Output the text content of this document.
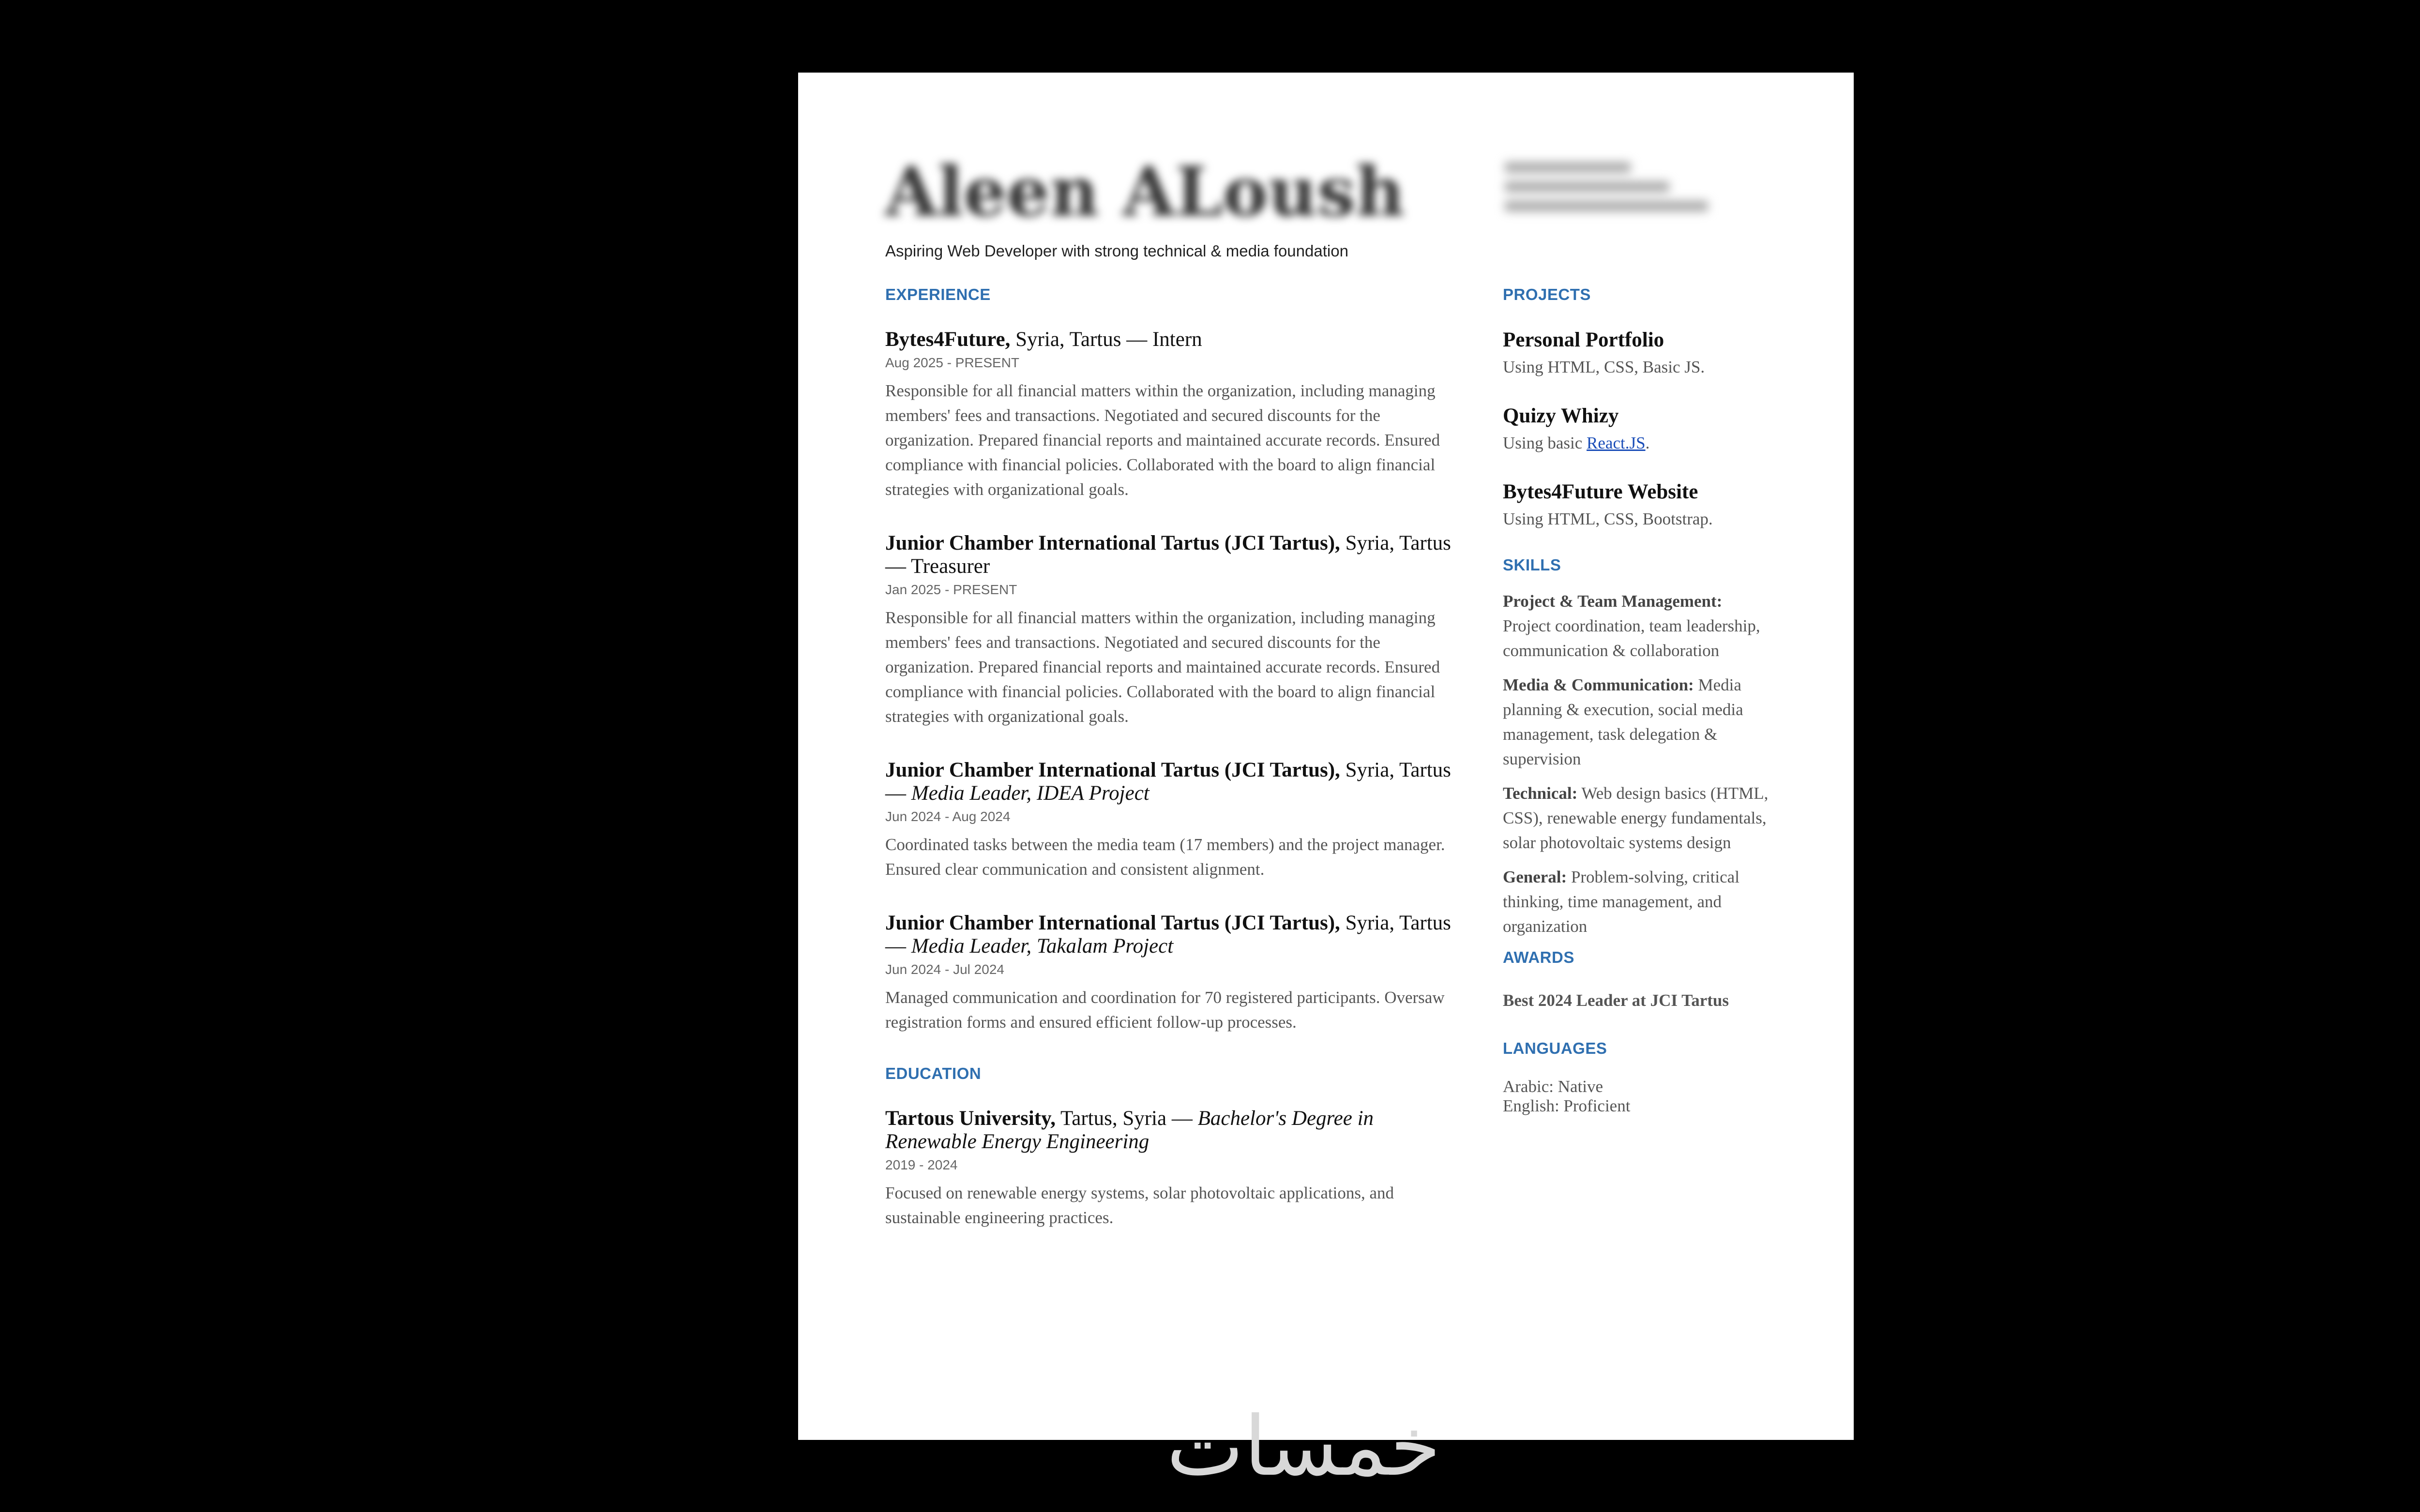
Aleen ALoush
Aspiring Web Developer with strong technical & media foundation
EXPERIENCE
Bytes4Future, Syria, Tartus — Intern
Aug 2025 - PRESENT
Responsible for all financial matters within the organization, including managing members' fees and transactions. Negotiated and secured discounts for the organization. Prepared financial reports and maintained accurate records. Ensured compliance with financial policies. Collaborated with the board to align financial strategies with organizational goals.
Junior Chamber International Tartus (JCI Tartus), Syria, Tartus — Treasurer
Jan 2025 - PRESENT
Responsible for all financial matters within the organization, including managing members' fees and transactions. Negotiated and secured discounts for the organization. Prepared financial reports and maintained accurate records. Ensured compliance with financial policies. Collaborated with the board to align financial strategies with organizational goals.
Junior Chamber International Tartus (JCI Tartus), Syria, Tartus — Media Leader, IDEA Project
Jun 2024 - Aug 2024
Coordinated tasks between the media team (17 members) and the project manager. Ensured clear communication and consistent alignment.
Junior Chamber International Tartus (JCI Tartus), Syria, Tartus — Media Leader, Takalam Project
Jun 2024 - Jul 2024
Managed communication and coordination for 70 registered participants. Oversaw registration forms and ensured efficient follow-up processes.
EDUCATION
Tartous University, Tartus, Syria — Bachelor's Degree in Renewable Energy Engineering
2019 - 2024
Focused on renewable energy systems, solar photovoltaic applications, and sustainable engineering practices.
PROJECTS
Personal Portfolio
Using HTML, CSS, Basic JS.
Quizy Whizy
Using basic React.JS.
Bytes4Future Website
Using HTML, CSS, Bootstrap.
SKILLS
Project & Team Management: Project coordination, team leadership, communication & collaboration
Media & Communication: Media planning & execution, social media management, task delegation & supervision
Technical: Web design basics (HTML, CSS), renewable energy fundamentals, solar photovoltaic systems design
General: Problem-solving, critical thinking, time management, and organization
AWARDS
Best 2024 Leader at JCI Tartus
LANGUAGES
Arabic: Native
English: Proficient
خمسات
